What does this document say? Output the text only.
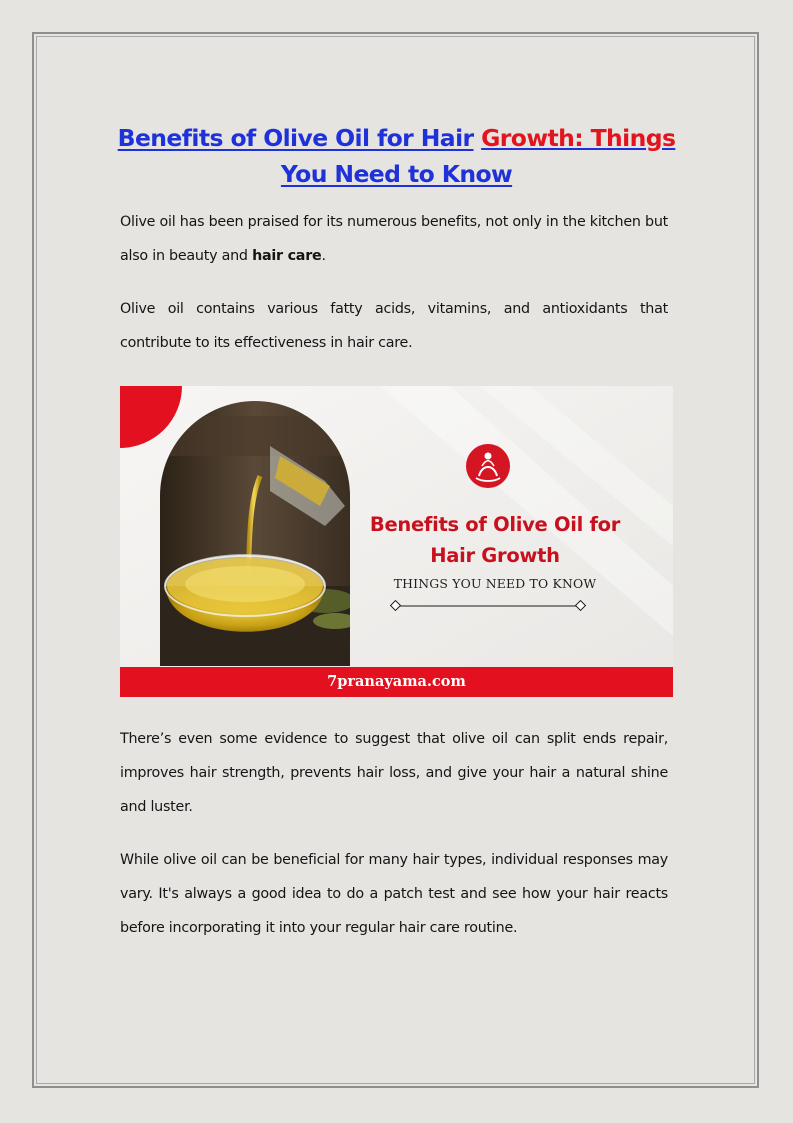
Benefits of Olive Oil for Hair Growth: Things
You Need to Know

Olive oil has been praised for its numerous benefits, not only in the kitchen but also in beauty and hair care.

Olive oil contains various fatty acids, vitamins, and antioxidants that contribute to its effectiveness in hair care.

Benefits of Olive Oil for
Hair Growth
THINGS YOU NEED TO KNOW
7pranayama.com

There’s even some evidence to suggest that olive oil can split ends repair, improves hair strength, prevents hair loss, and give your hair a natural shine and luster.

While olive oil can be beneficial for many hair types, individual responses may vary. It's always a good idea to do a patch test and see how your hair reacts before incorporating it into your regular hair care routine.
